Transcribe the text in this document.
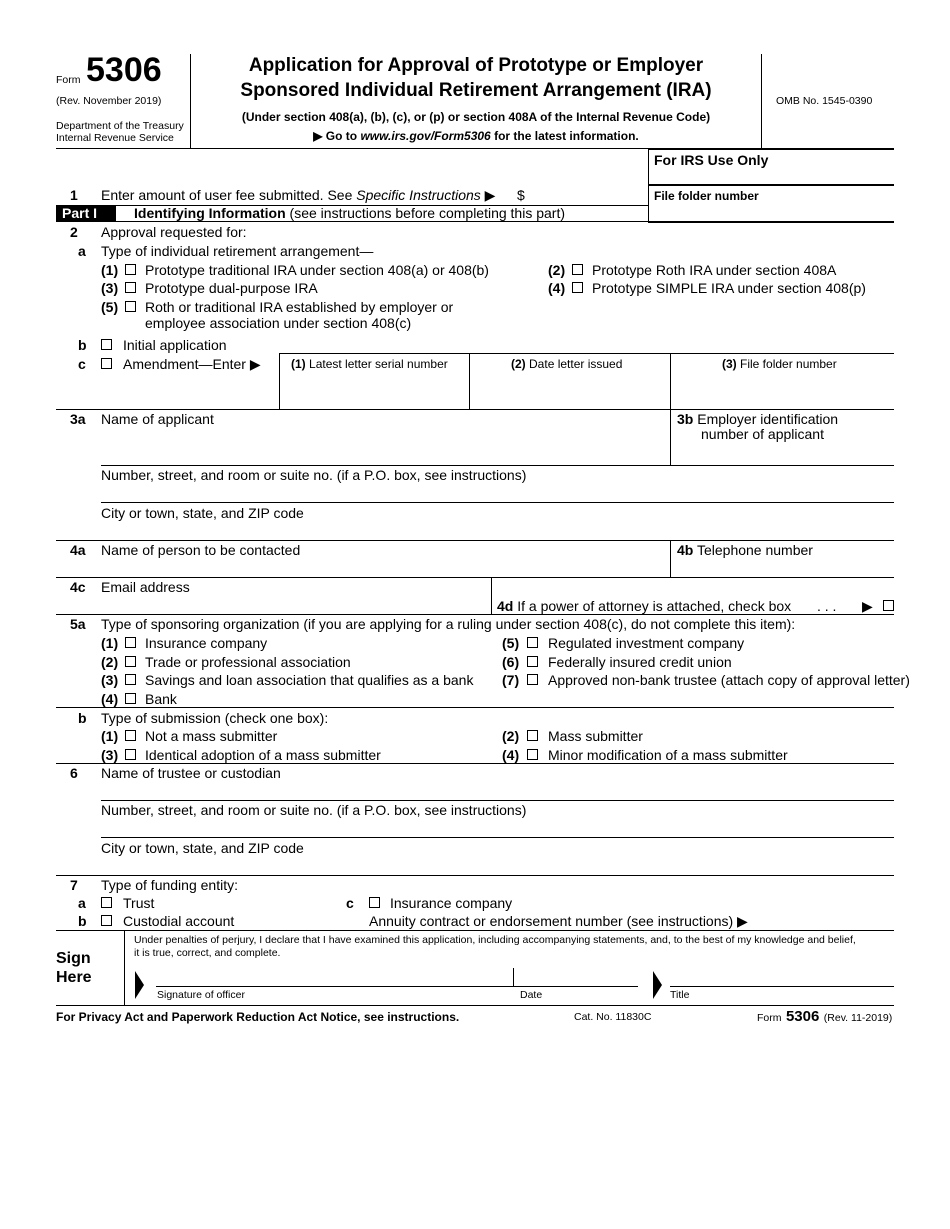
Form 5306
(Rev. November 2019)
Department of the Treasury
Internal Revenue Service
Application for Approval of Prototype or Employer
Sponsored Individual Retirement Arrangement (IRA)
(Under section 408(a), (b), (c), or (p) or section 408A of the Internal Revenue Code)
▶ Go to www.irs.gov/Form5306 for the latest information.
OMB No. 1545-0390
For IRS Use Only
File folder number
1 Enter amount of user fee submitted. See Specific Instructions ▶ $
Part I	Identifying Information (see instructions before completing this part)
2 Approval requested for:
a Type of individual retirement arrangement—
(1) Prototype traditional IRA under section 408(a) or 408(b)	(2) Prototype Roth IRA under section 408A
(3) Prototype dual-purpose IRA	(4) Prototype SIMPLE IRA under section 408(p)
(5) Roth or traditional IRA established by employer or
employee association under section 408(c)
b	Initial application
c	Amendment—Enter ▶	(1) Latest letter serial number	(2) Date letter issued	(3) File folder number
3a Name of applicant	3b Employer identification
number of applicant
Number, street, and room or suite no. (if a P.O. box, see instructions)
City or town, state, and ZIP code
4a Name of person to be contacted	4b Telephone number
4c Email address
4d If a power of attorney is attached, check box . . . ▶
5a Type of sponsoring organization (if you are applying for a ruling under section 408(c), do not complete this item):
(1) Insurance company	(5) Regulated investment company
(2) Trade or professional association	(6) Federally insured credit union
(3) Savings and loan association that qualifies as a bank (7) Approved non-bank trustee (attach copy of approval letter)
(4) Bank
b Type of submission (check one box):
(1) Not a mass submitter	(2) Mass submitter
(3) Identical adoption of a mass submitter	(4) Minor modification of a mass submitter
6 Name of trustee or custodian
Number, street, and room or suite no. (if a P.O. box, see instructions)
City or town, state, and ZIP code
7 Type of funding entity:
a	Trust	c	Insurance company
b	Custodial account	Annuity contract or endorsement number (see instructions) ▶
Sign
Here
Under penalties of perjury, I declare that I have examined this application, including accompanying statements, and, to the best of my knowledge and belief,
it is true, correct, and complete.
Signature of officer	Date	Title
For Privacy Act and Paperwork Reduction Act Notice, see instructions.	Cat. No. 11830C	Form 5306 (Rev. 11-2019)
